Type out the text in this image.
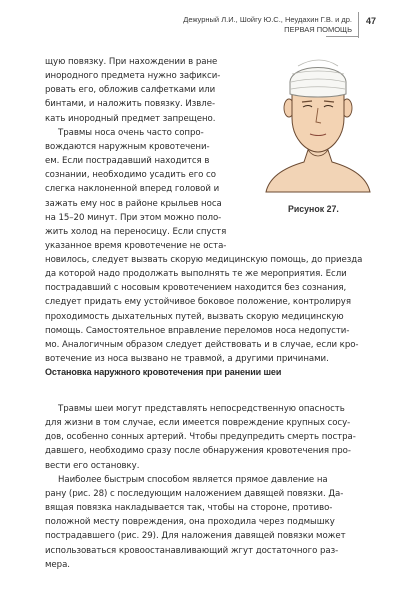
Дежурный Л.И., Шойгу Ю.С., Неудахин Г.В. и др.
ПЕРВАЯ ПОМОЩЬ
47

щую повязку. При нахождении в ране

инородного предмета нужно зафикси-

ровать его, обложив салфетками или

бинтами, и наложить повязку. Извле-

кать инородный предмет запрещено.

Травмы носа очень часто сопро-

вождаются наружным кровотечени-

ем. Если пострадавший находится в

сознании, необходимо усадить его со

слегка наклоненной вперед головой и

зажать ему нос в районе крыльев носа

на 15–20 минут. При этом можно поло-

жить холод на переносицу. Если спустя

указанное время кровотечение не оста-

Рисунок 27.

новилось, следует вызвать скорую медицинскую помощь, до приезда

да которой надо продолжать выполнять те же мероприятия. Если

пострадавший с носовым кровотечением находится без сознания,

следует придать ему устойчивое боковое положение, контролируя

проходимость дыхательных путей, вызвать скорую медицинскую

помощь. Самостоятельное вправление переломов носа недопусти-

мо. Аналогичным образом следует действовать и в случае, если кро-

вотечение из носа вызвано не травмой, а другими причинами.

Остановка наружного кровотечения при ранении шеи

Травмы шеи могут представлять непосредственную опасность

для жизни в том случае, если имеется повреждение крупных сосу-

дов, особенно сонных артерий. Чтобы предупредить смерть постра-

давшего, необходимо сразу после обнаружения кровотечения про-

вести его остановку.

Наиболее быстрым способом является прямое давление на

рану (рис. 28) с последующим наложением давящей повязки. Да-

вящая повязка накладывается так, чтобы на стороне, противо-

положной месту повреждения, она проходила через подмышку

пострадавшего (рис. 29). Для наложения давящей повязки может

использоваться кровоостанавливающий жгут достаточного раз-

мера.
